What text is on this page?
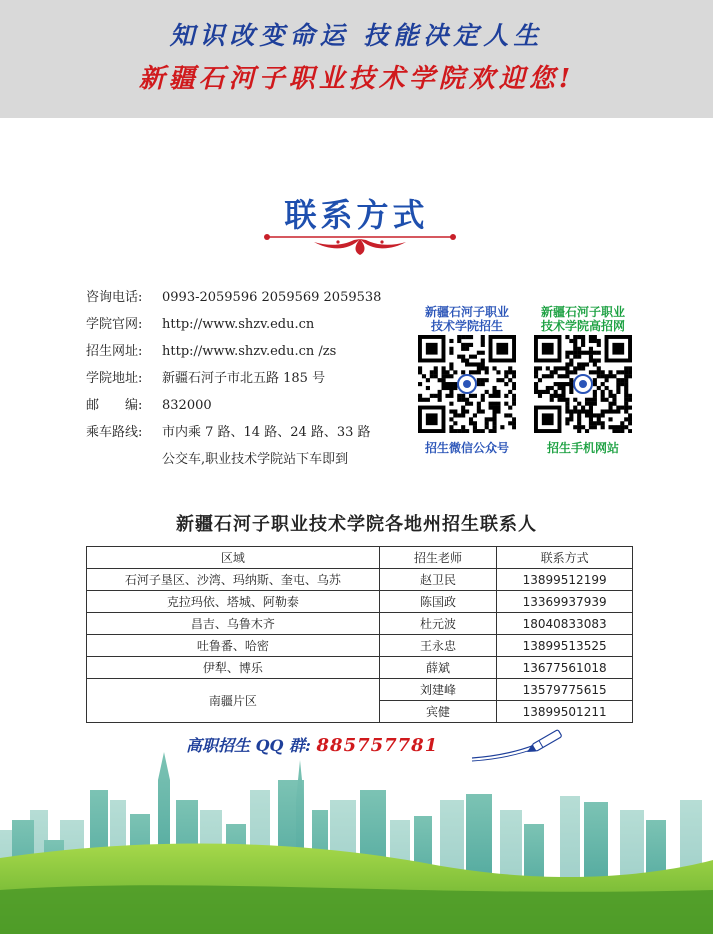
知识改变命运 技能决定人生
新疆石河子职业技术学院欢迎您!
联系方式
咨询电话: 0993-2059596 2059569 2059538
学院官网: http://www.shzv.edu.cn
招生网址: http://www.shzv.edu.cn /zs
学院地址: 新疆石河子市北五路 185 号
邮　　编: 832000
乘车路线: 市内乘 7 路、14 路、24 路、33 路
公交车,职业技术学院站下车即到
新疆石河子职业
技术学院招生
招生微信公众号
新疆石河子职业
技术学院高招网
招生手机网站
新疆石河子职业技术学院各地州招生联系人
区域	招生老师	联系方式
石河子垦区、沙湾、玛纳斯、奎屯、乌苏	赵卫民	13899512199
克拉玛依、塔城、阿勒泰	陈国政	13369937939
昌吉、乌鲁木齐	杜元波	18040833083
吐鲁番、哈密	王永忠	13899513525
伊犁、博乐	薛斌	13677561018
南疆片区	刘建峰	13579775615
	宾健	13899501211
高职招生 QQ 群: 885757781
